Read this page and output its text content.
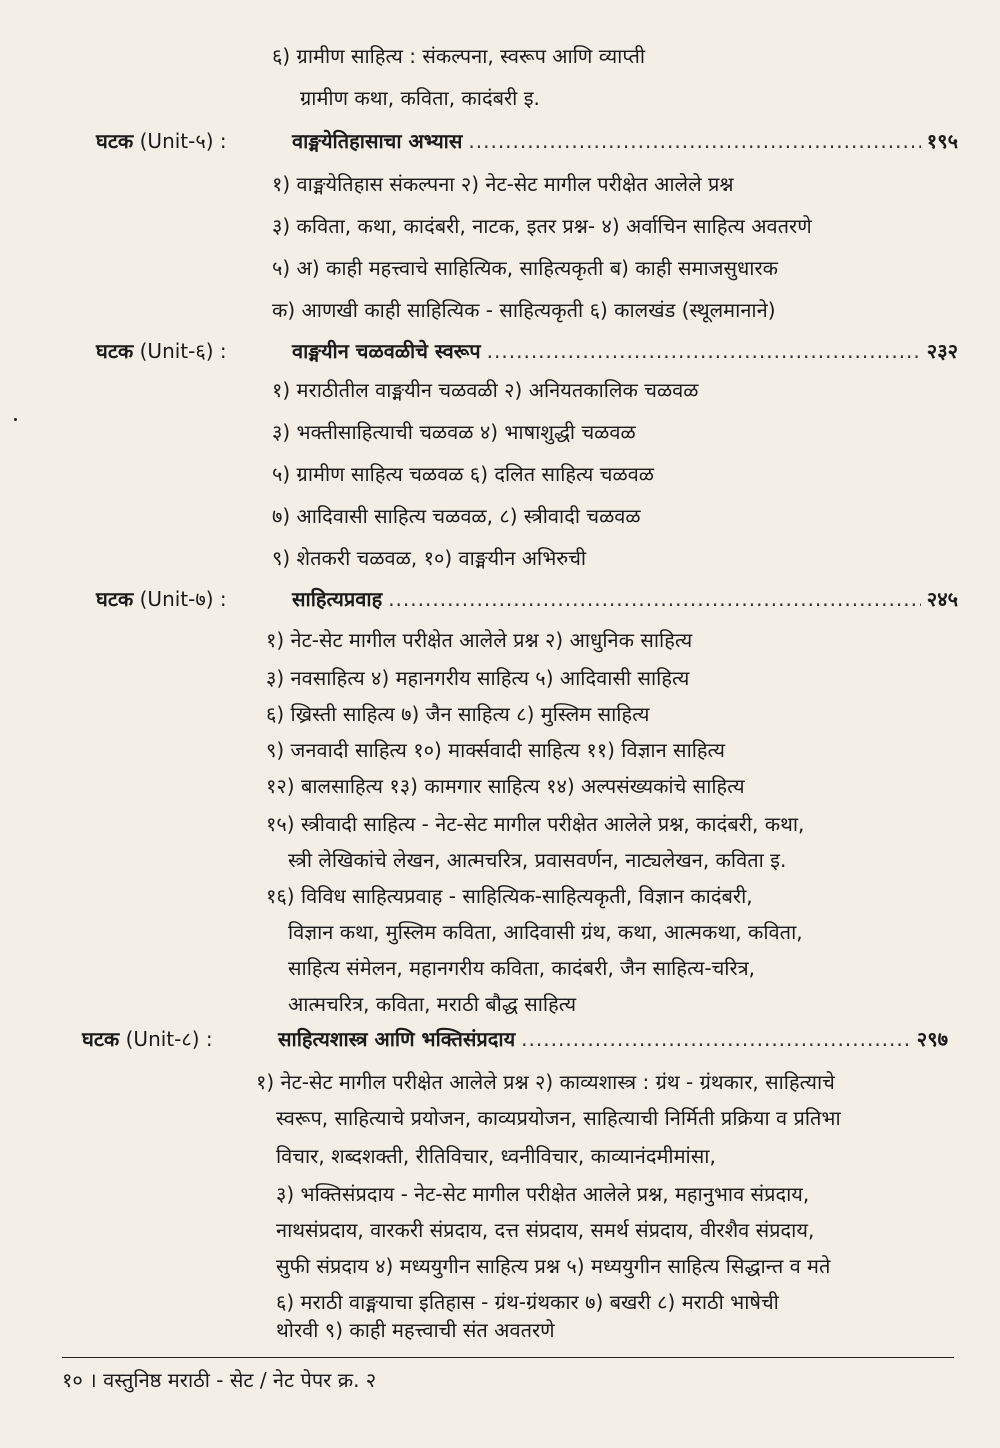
६) ग्रामीण साहित्य : संकल्पना, स्वरूप आणि व्याप्ती
ग्रामीण कथा, कविता, कादंबरी इ.
घटक (Unit-५) :	वाङ्मयेतिहासाचा अभ्यास .....	१९५
१) वाङ्मयेतिहास संकल्पना २) नेट-सेट मागील परीक्षेत आलेले प्रश्न
३) कविता, कथा, कादंबरी, नाटक, इतर प्रश्न- ४) अर्वाचिन साहित्य अवतरणे
५) अ) काही महत्त्वाचे साहित्यिक, साहित्यकृती ब) काही समाजसुधारक
क) आणखी काही साहित्यिक - साहित्यकृती ६) कालखंड (स्थूलमानाने)
घटक (Unit-६) :	वाङ्मयीन चळवळीचे स्वरूप .....	२३२
१) मराठीतील वाङ्मयीन चळवळी २) अनियतकालिक चळवळ
३) भक्तीसाहित्याची चळवळ ४) भाषाशुद्धी चळवळ
५) ग्रामीण साहित्य चळवळ ६) दलित साहित्य चळवळ
७) आदिवासी साहित्य चळवळ, ८) स्त्रीवादी चळवळ
९) शेतकरी चळवळ, १०) वाङ्मयीन अभिरुची
घटक (Unit-७) :	साहित्यप्रवाह .....	२४५
१) नेट-सेट मागील परीक्षेत आलेले प्रश्न २) आधुनिक साहित्य
३) नवसाहित्य ४) महानगरीय साहित्य ५) आदिवासी साहित्य
६) ख्रिस्ती साहित्य ७) जैन साहित्य ८) मुस्लिम साहित्य
९) जनवादी साहित्य १०) मार्क्सवादी साहित्य ११) विज्ञान साहित्य
१२) बालसाहित्य १३) कामगार साहित्य १४) अल्पसंख्यकांचे साहित्य
१५) स्त्रीवादी साहित्य - नेट-सेट मागील परीक्षेत आलेले प्रश्न, कादंबरी, कथा,
स्त्री लेखिकांचे लेखन, आत्मचरित्र, प्रवासवर्णन, नाट्यलेखन, कविता इ.
१६) विविध साहित्यप्रवाह - साहित्यिक-साहित्यकृती, विज्ञान कादंबरी,
विज्ञान कथा, मुस्लिम कविता, आदिवासी ग्रंथ, कथा, आत्मकथा, कविता,
साहित्य संमेलन, महानगरीय कविता, कादंबरी, जैन साहित्य-चरित्र,
आत्मचरित्र, कविता, मराठी बौद्ध साहित्य
घटक (Unit-८) :	साहित्यशास्त्र आणि भक्तिसंप्रदाय .....	२९७
१) नेट-सेट मागील परीक्षेत आलेले प्रश्न २) काव्यशास्त्र : ग्रंथ - ग्रंथकार, साहित्याचे
स्वरूप, साहित्याचे प्रयोजन, काव्यप्रयोजन, साहित्याची निर्मिती प्रक्रिया व प्रतिभा
विचार, शब्दशक्ती, रीतिविचार, ध्वनीविचार, काव्यानंदमीमांसा,
३) भक्तिसंप्रदाय - नेट-सेट मागील परीक्षेत आलेले प्रश्न, महानुभाव संप्रदाय,
नाथसंप्रदाय, वारकरी संप्रदाय, दत्त संप्रदाय, समर्थ संप्रदाय, वीरशैव संप्रदाय,
सुफी संप्रदाय ४) मध्ययुगीन साहित्य प्रश्न ५) मध्ययुगीन साहित्य सिद्धान्त व मते
६) मराठी वाङ्मयाचा इतिहास - ग्रंथ-ग्रंथकार ७) बखरी ८) मराठी भाषेची
थोरवी ९) काही महत्त्वाची संत अवतरणे
१० । वस्तुनिष्ठ मराठी - सेट / नेट पेपर क्र. २
